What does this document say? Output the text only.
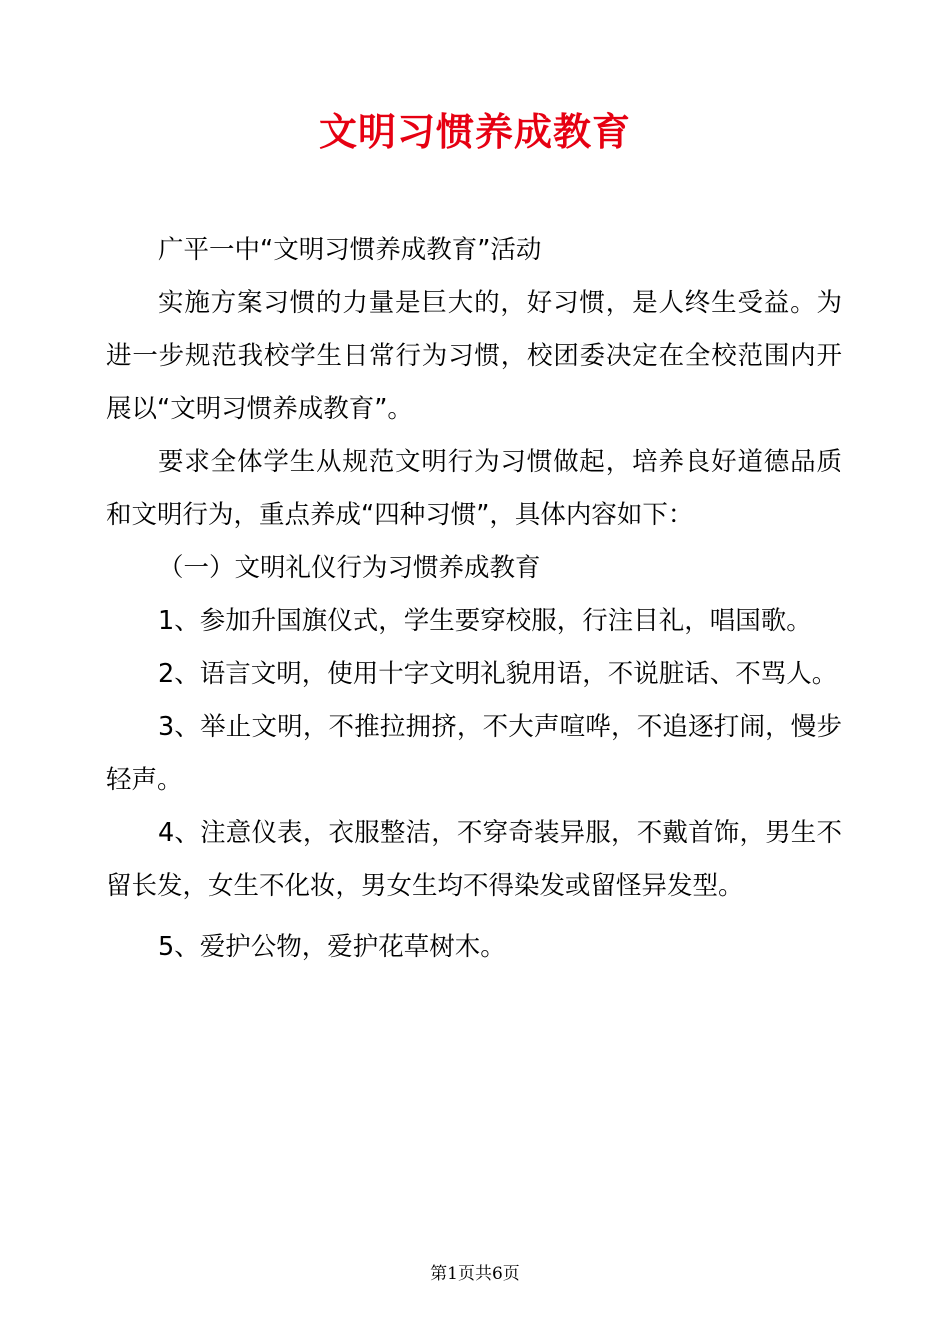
文明习惯养成教育

广平一中“文明习惯养成教育”活动

实施方案习惯的力量是巨大的，好习惯，是人终生受益。为进一步规范我校学生日常行为习惯，校团委决定在全校范围内开展以“文明习惯养成教育”。

要求全体学生从规范文明行为习惯做起，培养良好道德品质和文明行为，重点养成“四种习惯”，具体内容如下：

（一）文明礼仪行为习惯养成教育

1、参加升国旗仪式，学生要穿校服，行注目礼，唱国歌。

2、语言文明，使用十字文明礼貌用语，不说脏话、不骂人。

3、举止文明，不推拉拥挤，不大声喧哗，不追逐打闹，慢步轻声。

4、注意仪表，衣服整洁，不穿奇装异服，不戴首饰，男生不留长发，女生不化妆，男女生均不得染发或留怪异发型。

5、爱护公物，爱护花草树木。

第1页共6页
